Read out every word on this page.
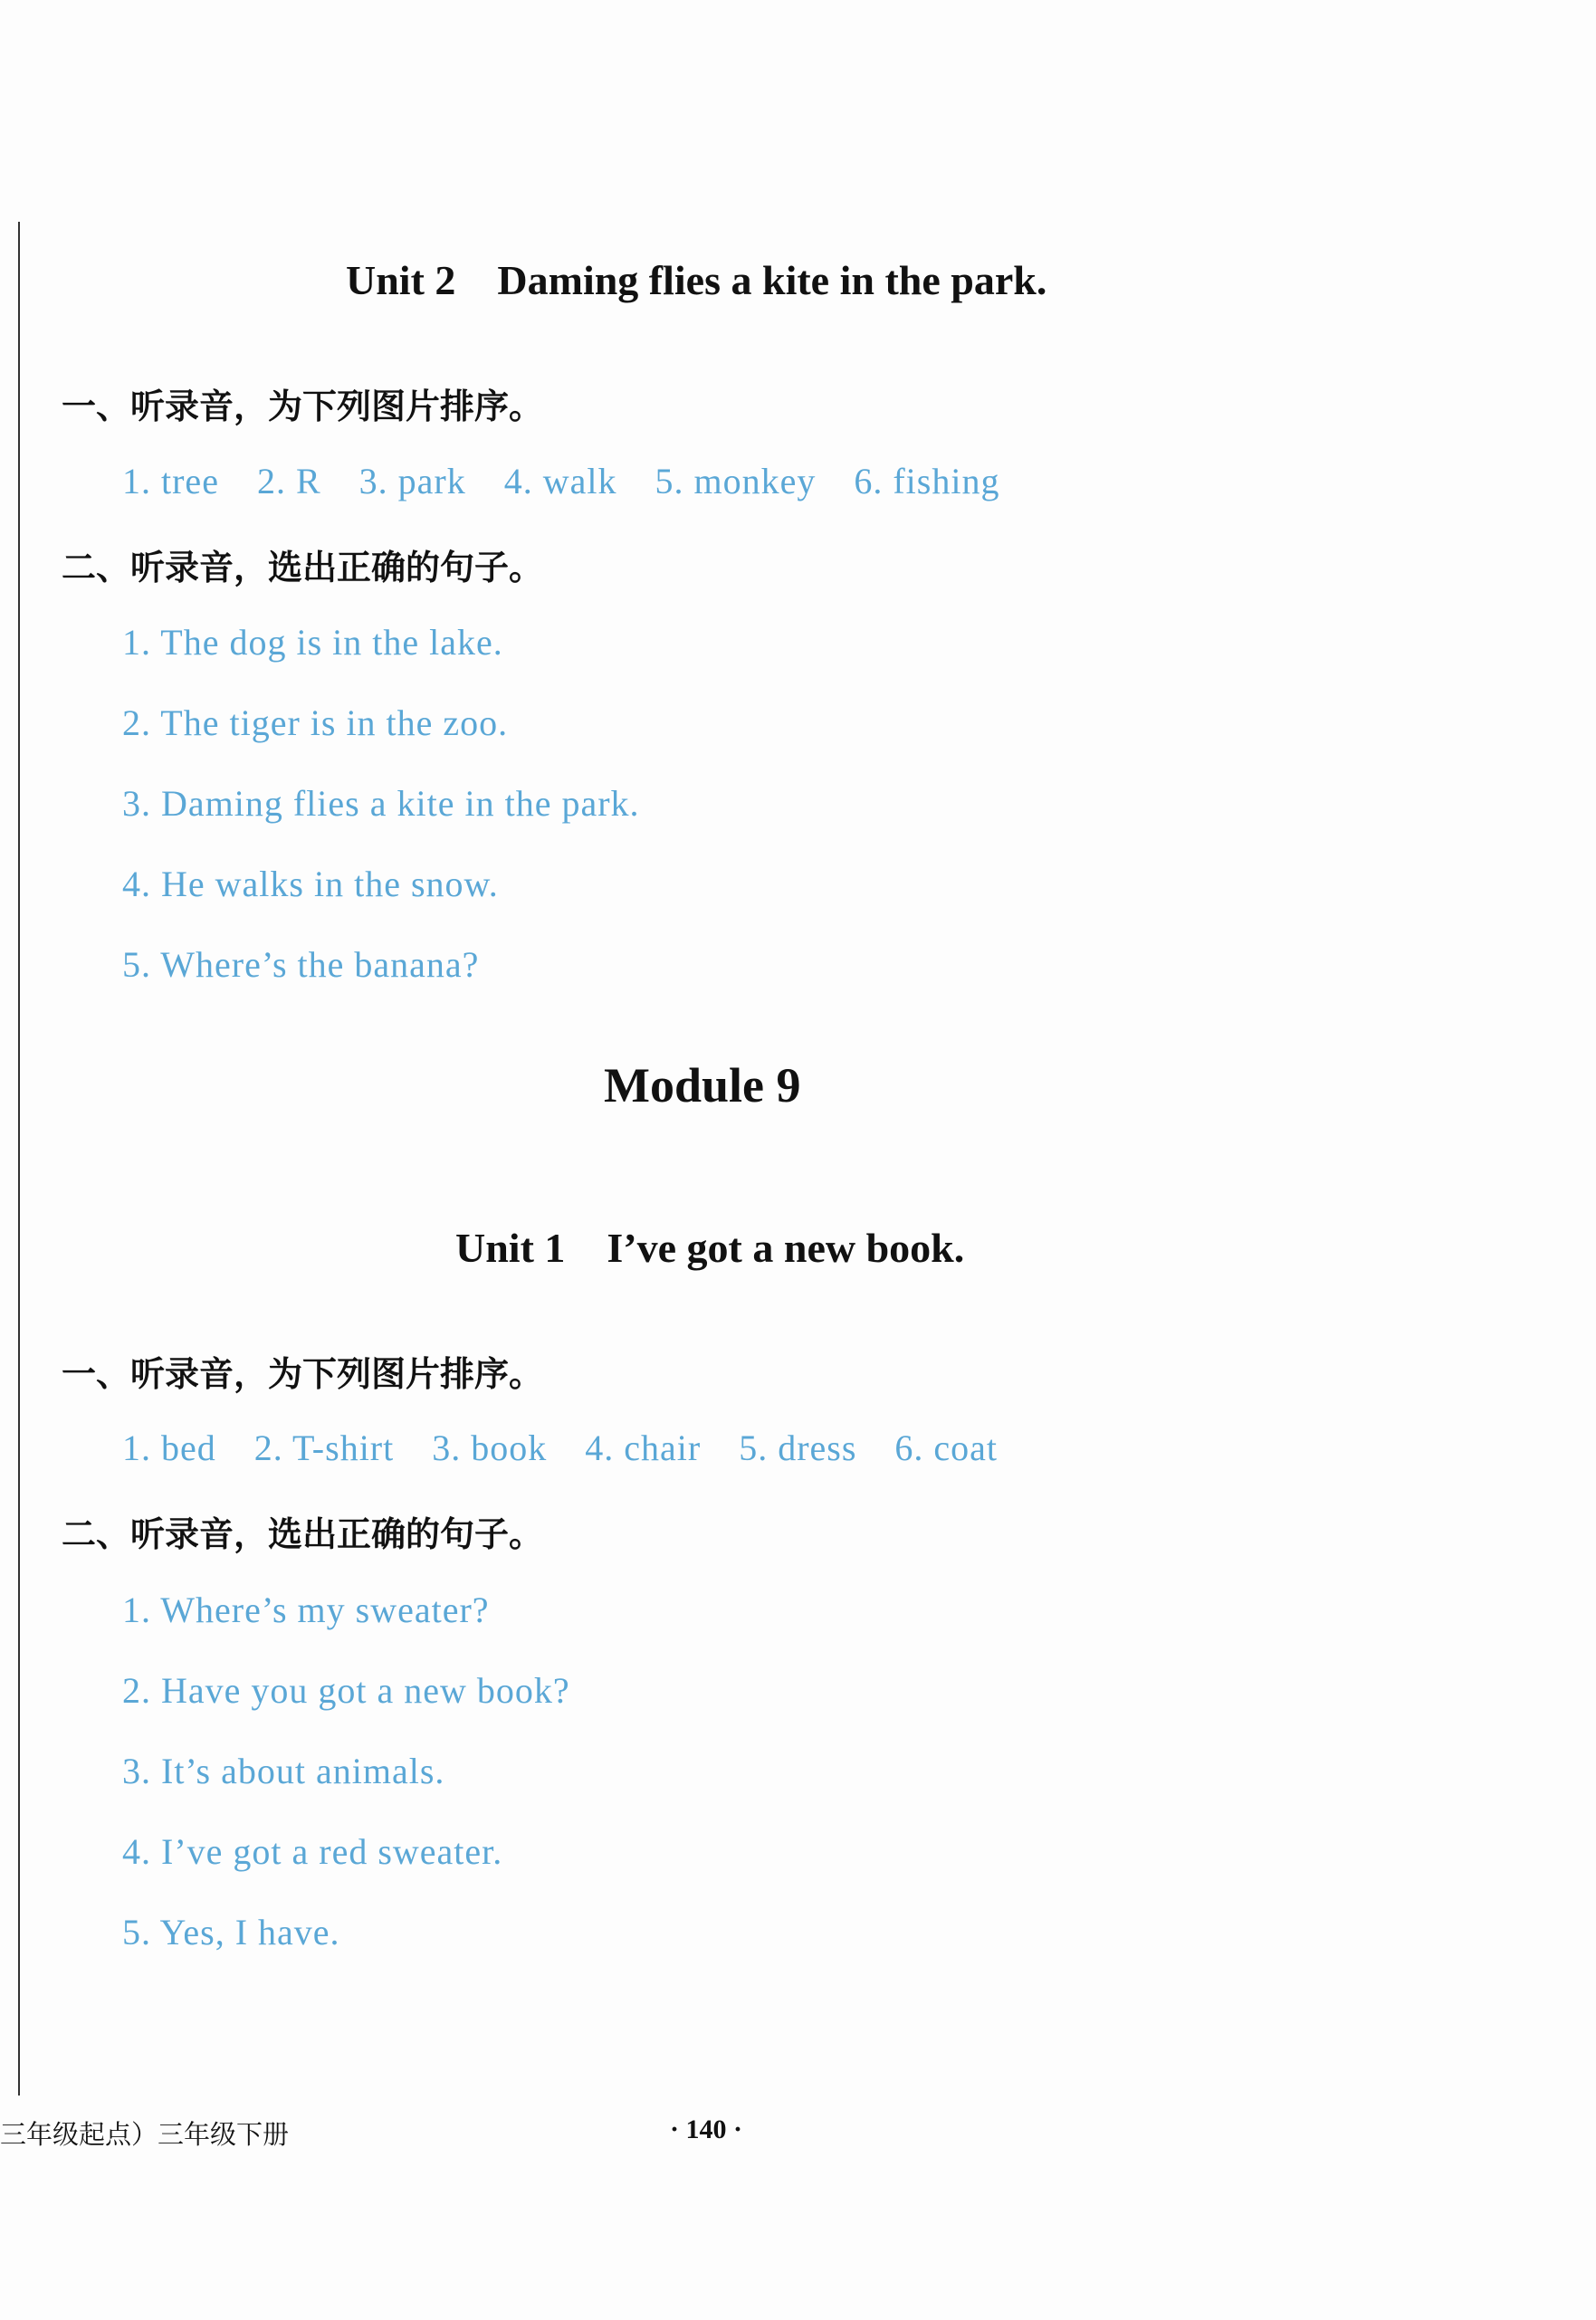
Unit 2    Daming flies a kite in the park.
一、听录音，为下列图片排序。
1. tree 2. R 3. park 4. walk 5. monkey 6. fishing
二、听录音，选出正确的句子。
1. The dog is in the lake.
2. The tiger is in the zoo.
3. Daming flies a kite in the park.
4. He walks in the snow.
5. Where’s the banana?
Module 9
Unit 1    I’ve got a new book.
一、听录音，为下列图片排序。
1. bed 2. T-shirt 3. book 4. chair 5. dress 6. coat
二、听录音，选出正确的句子。
1. Where’s my sweater?
2. Have you got a new book?
3. It’s about animals.
4. I’ve got a red sweater.
5. Yes, I have.
三年级起点）三年级下册	· 140 ·
